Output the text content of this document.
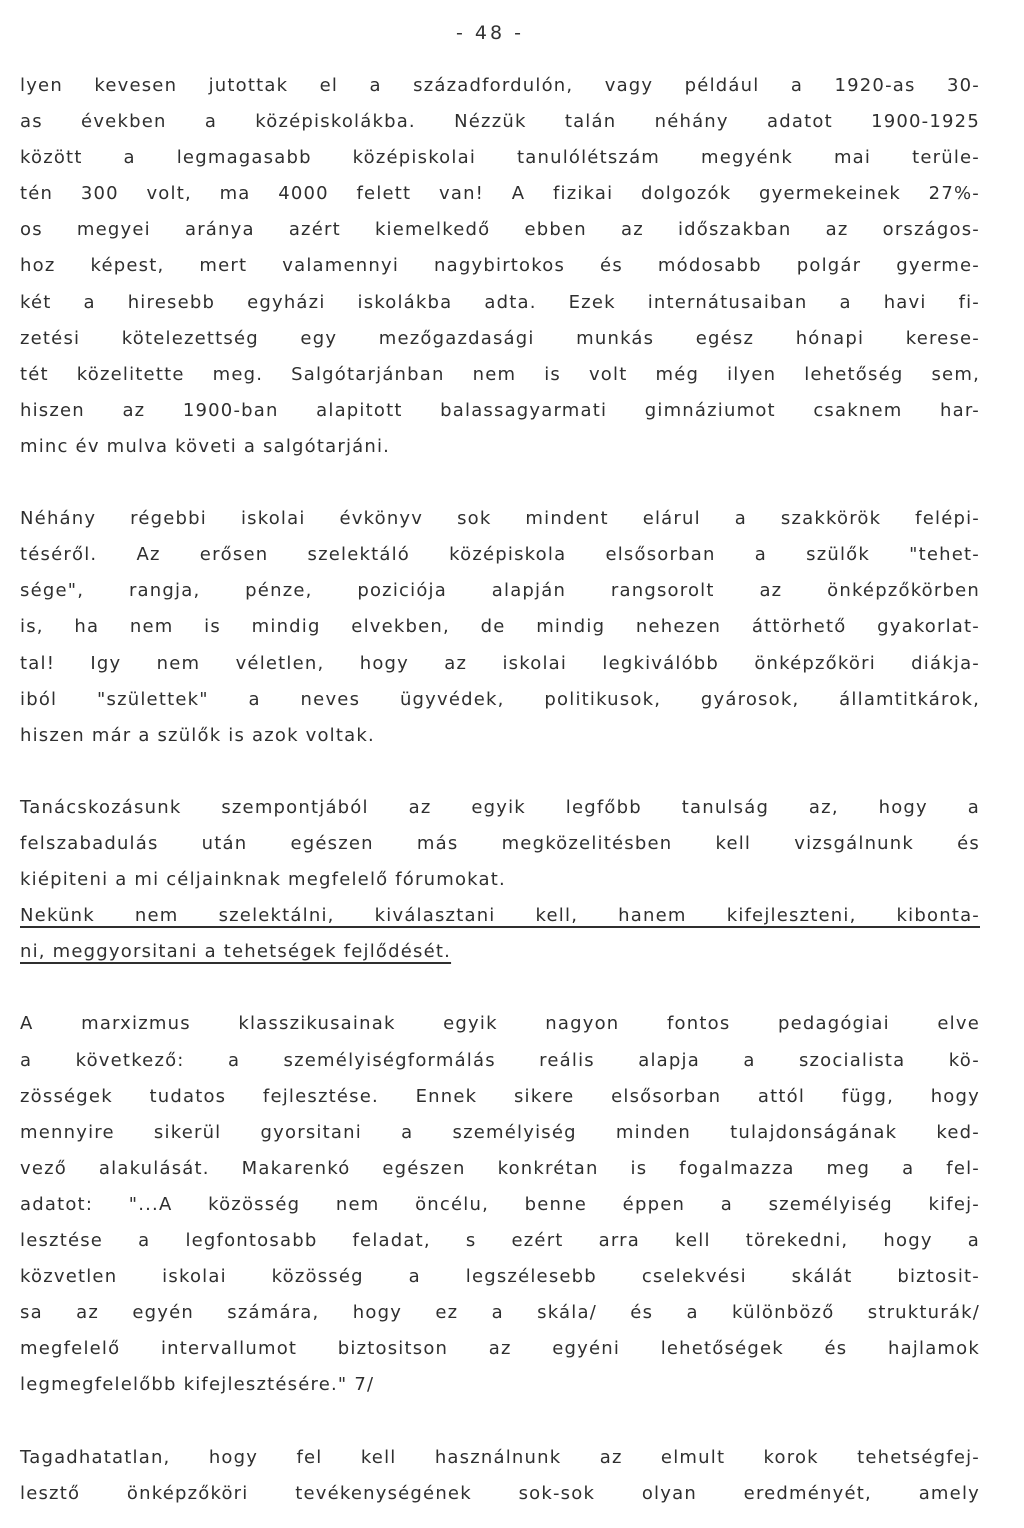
- 48 -
lyen kevesen jutottak el a századfordulón, vagy például a 1920-as 30-
as években a középiskolákba. Nézzük talán néhány adatot 1900-1925
között a legmagasabb középiskolai tanulólétszám megyénk mai terüle-
tén 300 volt, ma 4000 felett van! A fizikai dolgozók gyermekeinek 27%-
os megyei aránya azért kiemelkedő ebben az időszakban az országos-
hoz képest, mert valamennyi nagybirtokos és módosabb polgár gyerme-
két a hiresebb egyházi iskolákba adta. Ezek internátusaiban a havi fi-
zetési kötelezettség egy mezőgazdasági munkás egész hónapi kerese-
tét közelitette meg. Salgótarjánban nem is volt még ilyen lehetőség sem,
hiszen az 1900-ban alapitott balassagyarmati gimnáziumot csaknem har-
minc év mulva követi a salgótarjáni.
Néhány régebbi iskolai évkönyv sok mindent elárul a szakkörök felépi-
téséről. Az erősen szelektáló középiskola elsősorban a szülők "tehet-
sége", rangja, pénze, poziciója alapján rangsorolt az önképzőkörben
is, ha nem is mindig elvekben, de mindig nehezen áttörhető gyakorlat-
tal! Igy nem véletlen, hogy az iskolai legkiválóbb önképzőköri diákja-
iból "születtek" a neves ügyvédek, politikusok, gyárosok, államtitkárok,
hiszen már a szülők is azok voltak.
Tanácskozásunk szempontjából az egyik legfőbb tanulság az, hogy a
felszabadulás után egészen más megközelitésben kell vizsgálnunk és
kiépiteni a mi céljainknak megfelelő fórumokat.
Nekünk nem szelektálni, kiválasztani kell, hanem kifejleszteni, kibonta-
ni, meggyorsitani a tehetségek fejlődését.
A marxizmus klasszikusainak egyik nagyon fontos pedagógiai elve
a következő: a személyiségformálás reális alapja a szocialista kö-
zösségek tudatos fejlesztése. Ennek sikere elsősorban attól függ, hogy
mennyire sikerül gyorsitani a személyiség minden tulajdonságának ked-
vező alakulását. Makarenkó egészen konkrétan is fogalmazza meg a fel-
adatot: "...A közösség nem öncélu, benne éppen a személyiség kifej-
lesztése a legfontosabb feladat, s ezért arra kell törekedni, hogy a
közvetlen iskolai közösség a legszélesebb cselekvési skálát biztosit-
sa az egyén számára, hogy ez a skála/ és a különböző strukturák/
megfelelő intervallumot biztositson az egyéni lehetőségek és hajlamok
legmegfelelőbb kifejlesztésére." 7/
Tagadhatatlan, hogy fel kell használnunk az elmult korok tehetségfej-
lesztő önképzőköri tevékenységének sok-sok olyan eredményét, amely
